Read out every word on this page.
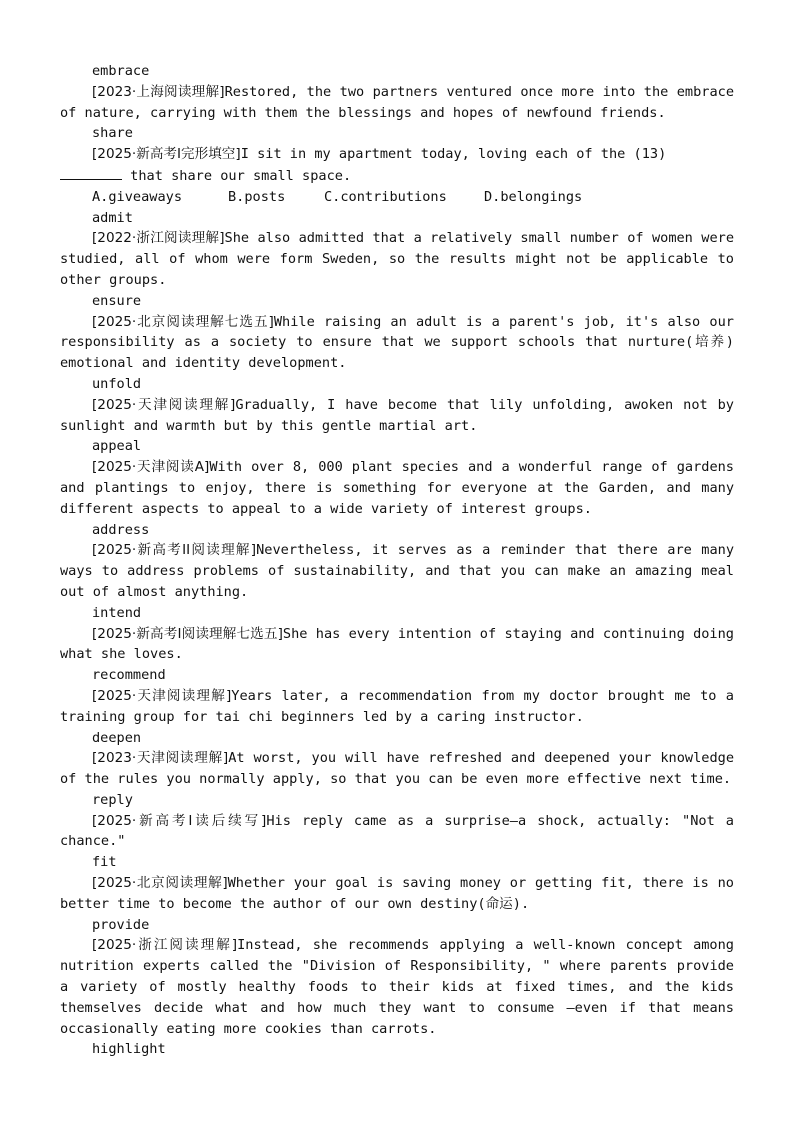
embrace

[2023·上海阅读理解]Restored, the two partners ventured once more into the embrace of nature, carrying with them the blessings and hopes of newfound friends.

share

[2025·新高考Ⅰ完形填空]I sit in my apartment today, loving each of the (13)
that share our small space.

A.giveaways	B.posts	C.contributions	D.belongings

admit

[2022·浙江阅读理解]She also admitted that a relatively small number of women were studied, all of whom were form Sweden, so the results might not be applicable to other groups.

ensure

[2025·北京阅读理解七选五]While raising an adult is a parent's job, it's also our responsibility as a society to ensure that we support schools that nurture(培养) emotional and identity development.

unfold

[2025·天津阅读理解]Gradually, I have become that lily unfolding, awoken not by sunlight and warmth but by this gentle martial art.

appeal

[2025·天津阅读A]With over 8, 000 plant species and a wonderful range of gardens and plantings to enjoy, there is something for everyone at the Garden, and many different aspects to appeal to a wide variety of interest groups.

address

[2025·新高考II阅读理解]Nevertheless, it serves as a reminder that there are many ways to address problems of sustainability, and that you can make an amazing meal out of almost anything.

intend

[2025·新高考Ⅰ阅读理解七选五]She has every intention of staying and continuing doing what she loves.

recommend

[2025·天津阅读理解]Years later, a recommendation from my doctor brought me to a training group for tai chi beginners led by a caring instructor.

deepen

[2023·天津阅读理解]At worst, you will have refreshed and deepened your knowledge of the rules you normally apply, so that you can be even more effective next time.

reply

[2025·新高考Ⅰ读后续写]His reply came as a surprise—a shock, actually: "Not a chance."

fit

[2025·北京阅读理解]Whether your goal is saving money or getting fit, there is no better time to become the author of our own destiny(命运).

provide

[2025·浙江阅读理解]Instead, she recommends applying a well-known concept among nutrition experts called the "Division of Responsibility, " where parents provide a variety of mostly healthy foods to their kids at fixed times, and the kids themselves decide what and how much they want to consume —even if that means occasionally eating more cookies than carrots.

highlight
